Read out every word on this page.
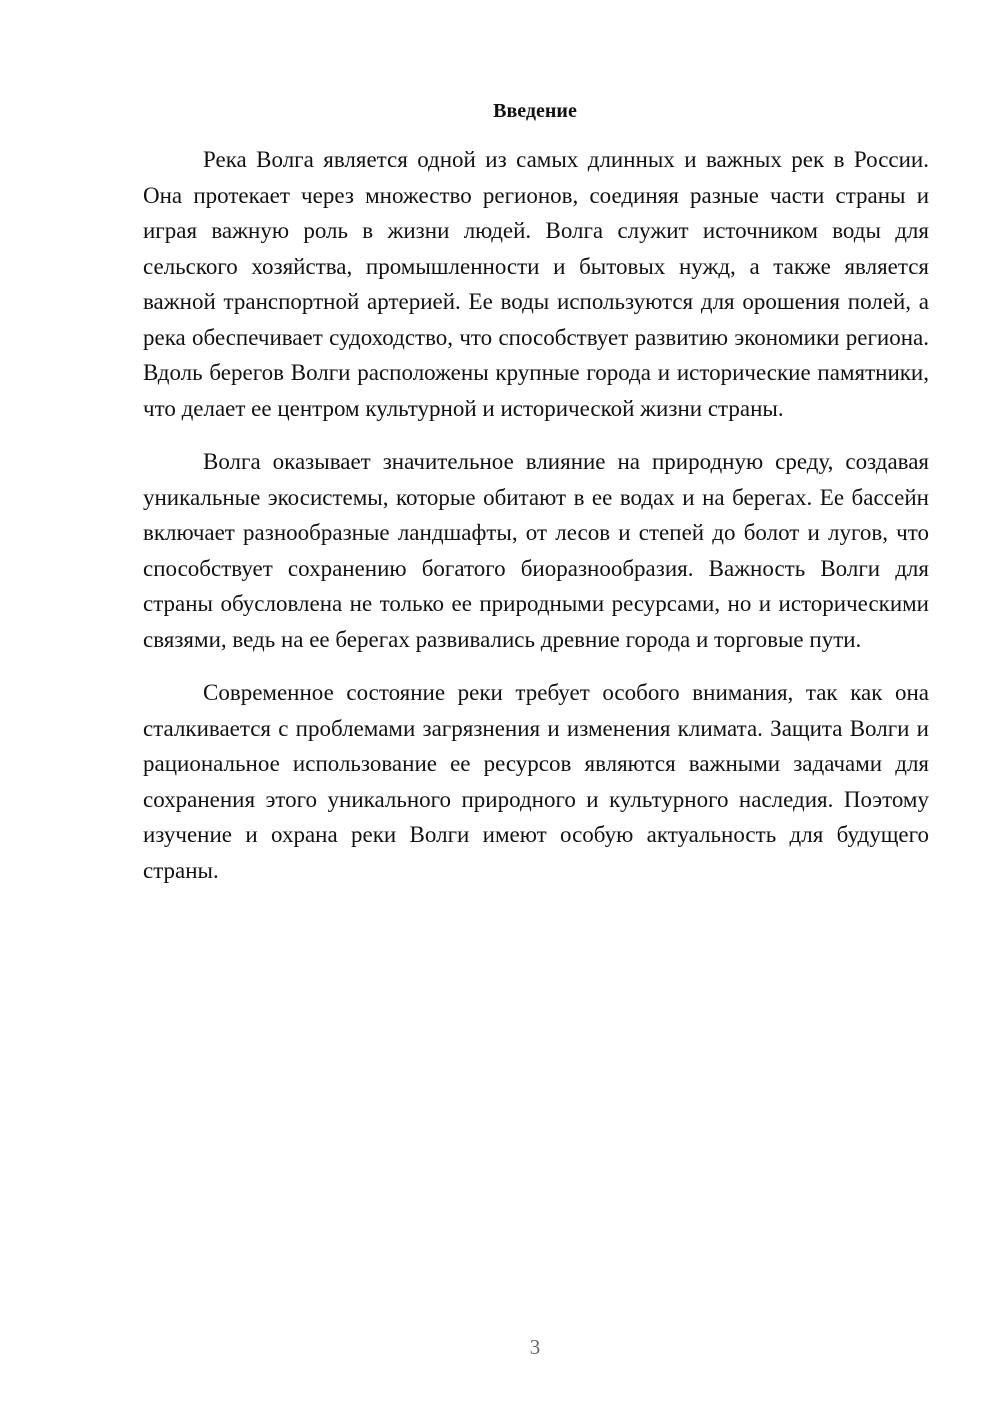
Введение

Река Волга является одной из самых длинных и важных рек в России. Она протекает через множество регионов, соединяя разные части страны и играя важную роль в жизни людей. Волга служит источником воды для сельского хозяйства, промышленности и бытовых нужд, а также является важной транспортной артерией. Ее воды используются для орошения полей, а река обеспечивает судоходство, что способствует развитию экономики региона. Вдоль берегов Волги расположены крупные города и исторические памятники, что делает ее центром культурной и исторической жизни страны.

Волга оказывает значительное влияние на природную среду, создавая уникальные экосистемы, которые обитают в ее водах и на берегах. Ее бассейн включает разнообразные ландшафты, от лесов и степей до болот и лугов, что способствует сохранению богатого биоразнообразия. Важность Волги для страны обусловлена не только ее природными ресурсами, но и историческими связями, ведь на ее берегах развивались древние города и торговые пути.

Современное состояние реки требует особого внимания, так как она сталкивается с проблемами загрязнения и изменения климата. Защита Волги и рациональное использование ее ресурсов являются важными задачами для сохранения этого уникального природного и культурного наследия. Поэтому изучение и охрана реки Волги имеют особую актуальность для будущего страны.

3
